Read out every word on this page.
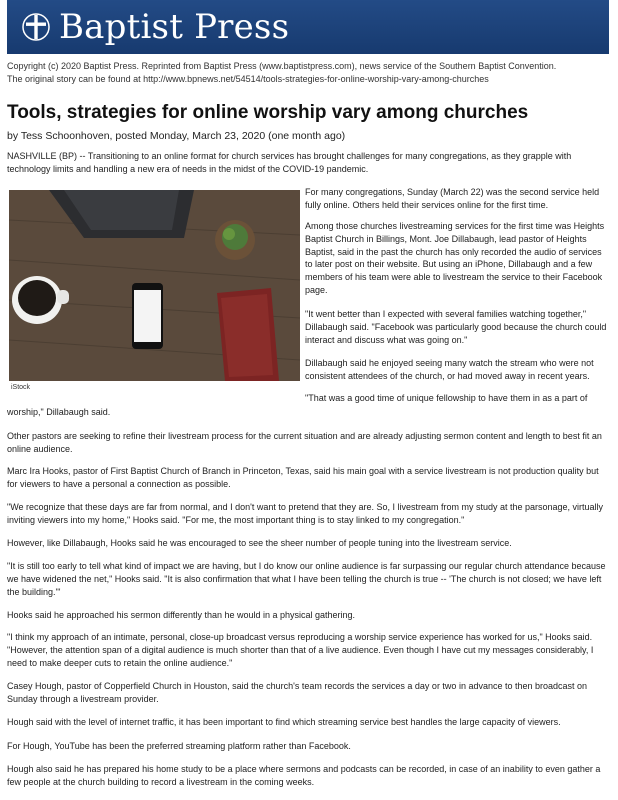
Baptist Press
Copyright (c) 2020 Baptist Press. Reprinted from Baptist Press (www.baptistpress.com), news service of the Southern Baptist Convention.
The original story can be found at http://www.bpnews.net/54514/tools-strategies-for-online-worship-vary-among-churches
Tools, strategies for online worship vary among churches
by Tess Schoonhoven, posted Monday, March 23, 2020 (one month ago)

NASHVILLE (BP) -- Transitioning to an online format for church services has brought challenges for many congregations, as they grapple with technology limits and handling a new era of needs in the midst of the COVID-19 pandemic.

iStock

For many congregations, Sunday (March 22) was the second service held fully online. Others held their services online for the first time.

Among those churches livestreaming services for the first time was Heights Baptist Church in Billings, Mont. Joe Dillabaugh, lead pastor of Heights Baptist, said in the past the church has only recorded the audio of services to later post on their website. But using an iPhone, Dillabaugh and a few members of his team were able to livestream the service to their Facebook page.

"It went better than I expected with several families watching together," Dillabaugh said. "Facebook was particularly good because the church could interact and discuss what was going on."

Dillabaugh said he enjoyed seeing many watch the stream who were not consistent attendees of the church, or had moved away in recent years.

"That was a good time of unique fellowship to have them in as a part of

worship," Dillabaugh said.

Other pastors are seeking to refine their livestream process for the current situation and are already adjusting sermon content and length to best fit an online audience.

Marc Ira Hooks, pastor of First Baptist Church of Branch in Princeton, Texas, said his main goal with a service livestream is not production quality but for viewers to have a personal a connection as possible.

"We recognize that these days are far from normal, and I don't want to pretend that they are. So, I livestream from my study at the parsonage, virtually inviting viewers into my home," Hooks said. "For me, the most important thing is to stay linked to my congregation."

However, like Dillabaugh, Hooks said he was encouraged to see the sheer number of people tuning into the livestream service.

"It is still too early to tell what kind of impact we are having, but I do know our online audience is far surpassing our regular church attendance because we have widened the net," Hooks said. "It is also confirmation that what I have been telling the church is true -- 'The church is not closed; we have left the building.'"

Hooks said he approached his sermon differently than he would in a physical gathering.

"I think my approach of an intimate, personal, close-up broadcast versus reproducing a worship service experience has worked for us," Hooks said. "However, the attention span of a digital audience is much shorter than that of a live audience. Even though I have cut my messages considerably, I need to make deeper cuts to retain the online audience."

Casey Hough, pastor of Copperfield Church in Houston, said the church's team records the services a day or two in advance to then broadcast on Sunday through a livestream provider.

Hough said with the level of internet traffic, it has been important to find which streaming service best handles the large capacity of viewers.

For Hough, YouTube has been the preferred streaming platform rather than Facebook.

Hough also said he has prepared his home study to be a place where sermons and podcasts can be recorded, in case of an inability to even gather a few people at the church building to record a livestream in the coming weeks.
